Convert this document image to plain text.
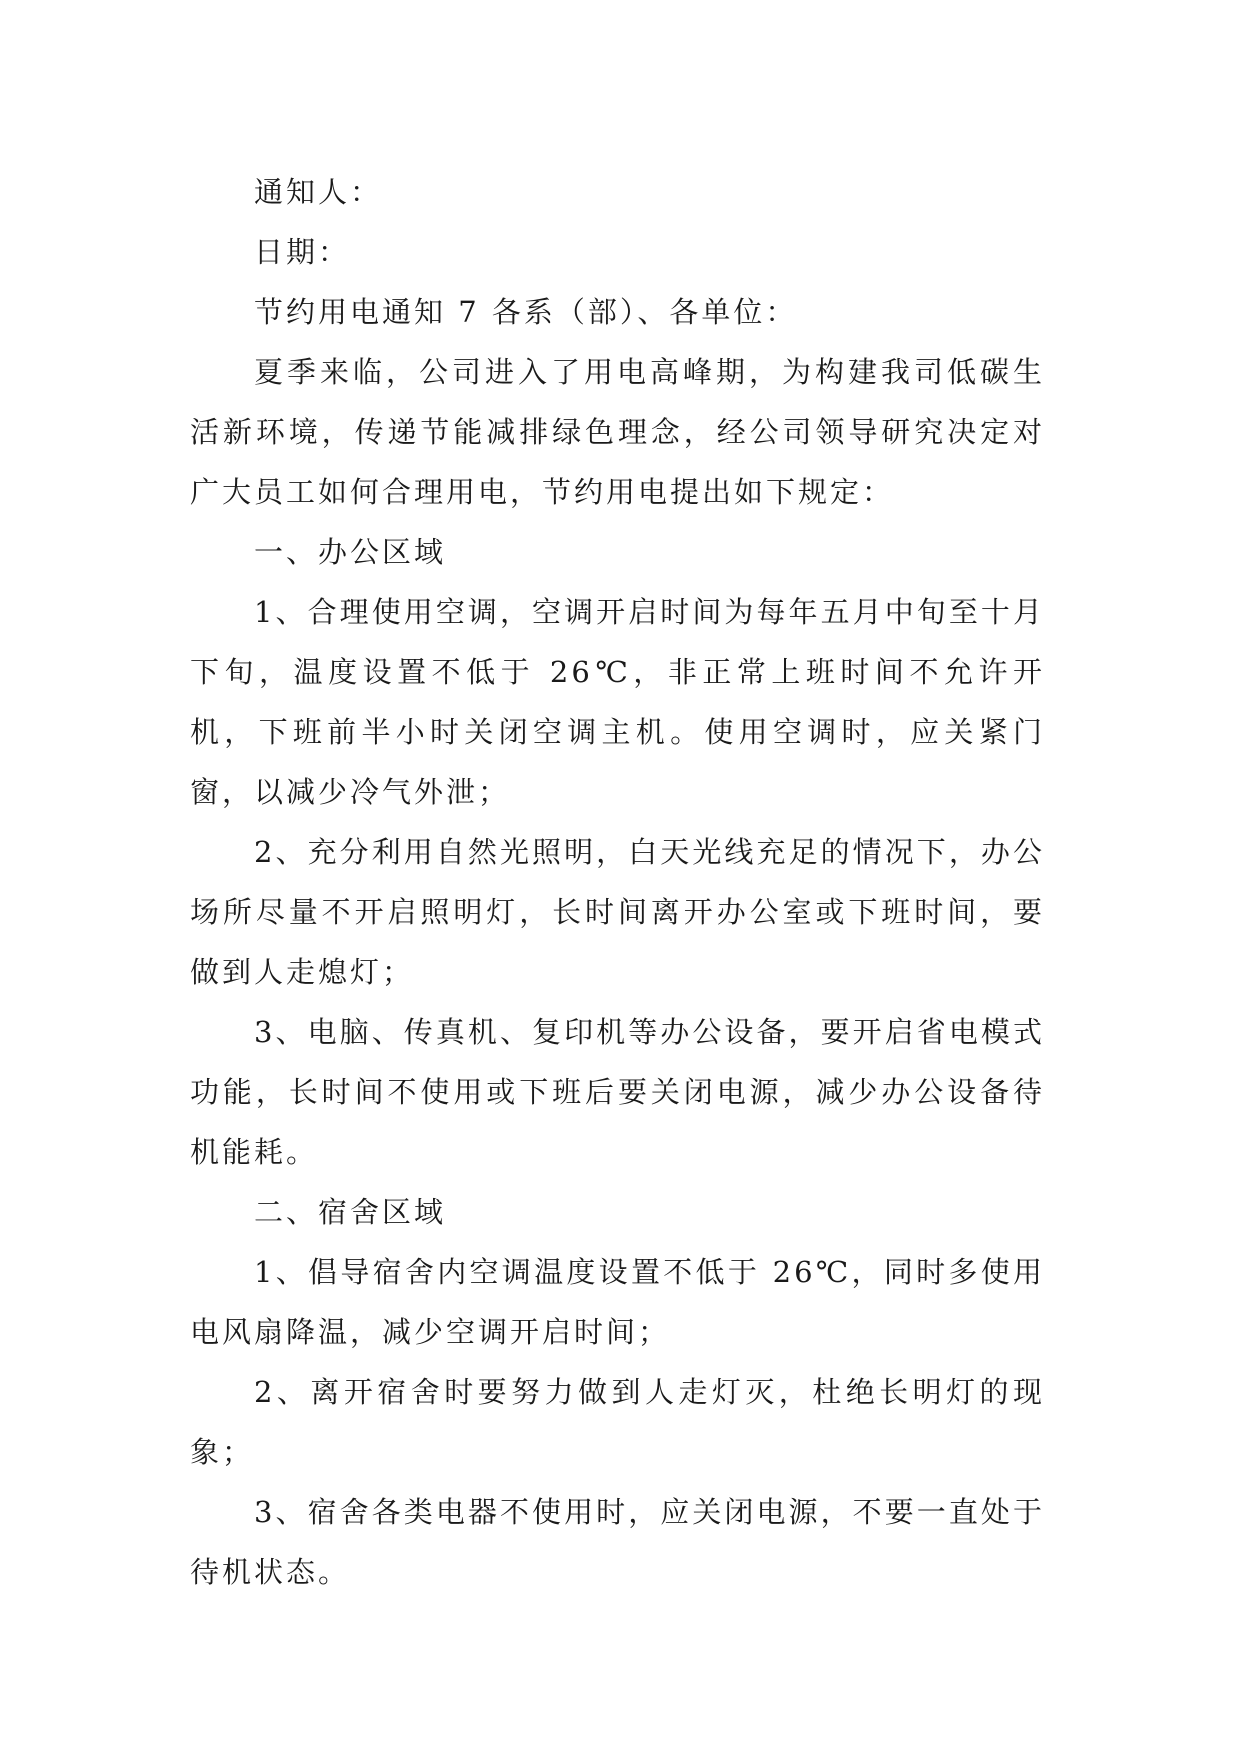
通知人：

日期：

节约用电通知 7 各系（部）、各单位：

夏季来临，公司进入了用电高峰期，为构建我司低碳生活新环境，传递节能减排绿色理念，经公司领导研究决定对广大员工如何合理用电，节约用电提出如下规定：

一、办公区域

1、合理使用空调，空调开启时间为每年五月中旬至十月下旬，温度设置不低于 26℃，非正常上班时间不允许开机，下班前半小时关闭空调主机。使用空调时，应关紧门窗，以减少冷气外泄；

2、充分利用自然光照明，白天光线充足的情况下，办公场所尽量不开启照明灯，长时间离开办公室或下班时间，要做到人走熄灯；

3、电脑、传真机、复印机等办公设备，要开启省电模式功能，长时间不使用或下班后要关闭电源，减少办公设备待机能耗。

二、宿舍区域

1、倡导宿舍内空调温度设置不低于 26℃，同时多使用电风扇降温，减少空调开启时间；

2、离开宿舍时要努力做到人走灯灭，杜绝长明灯的现象；

3、宿舍各类电器不使用时，应关闭电源，不要一直处于待机状态。
